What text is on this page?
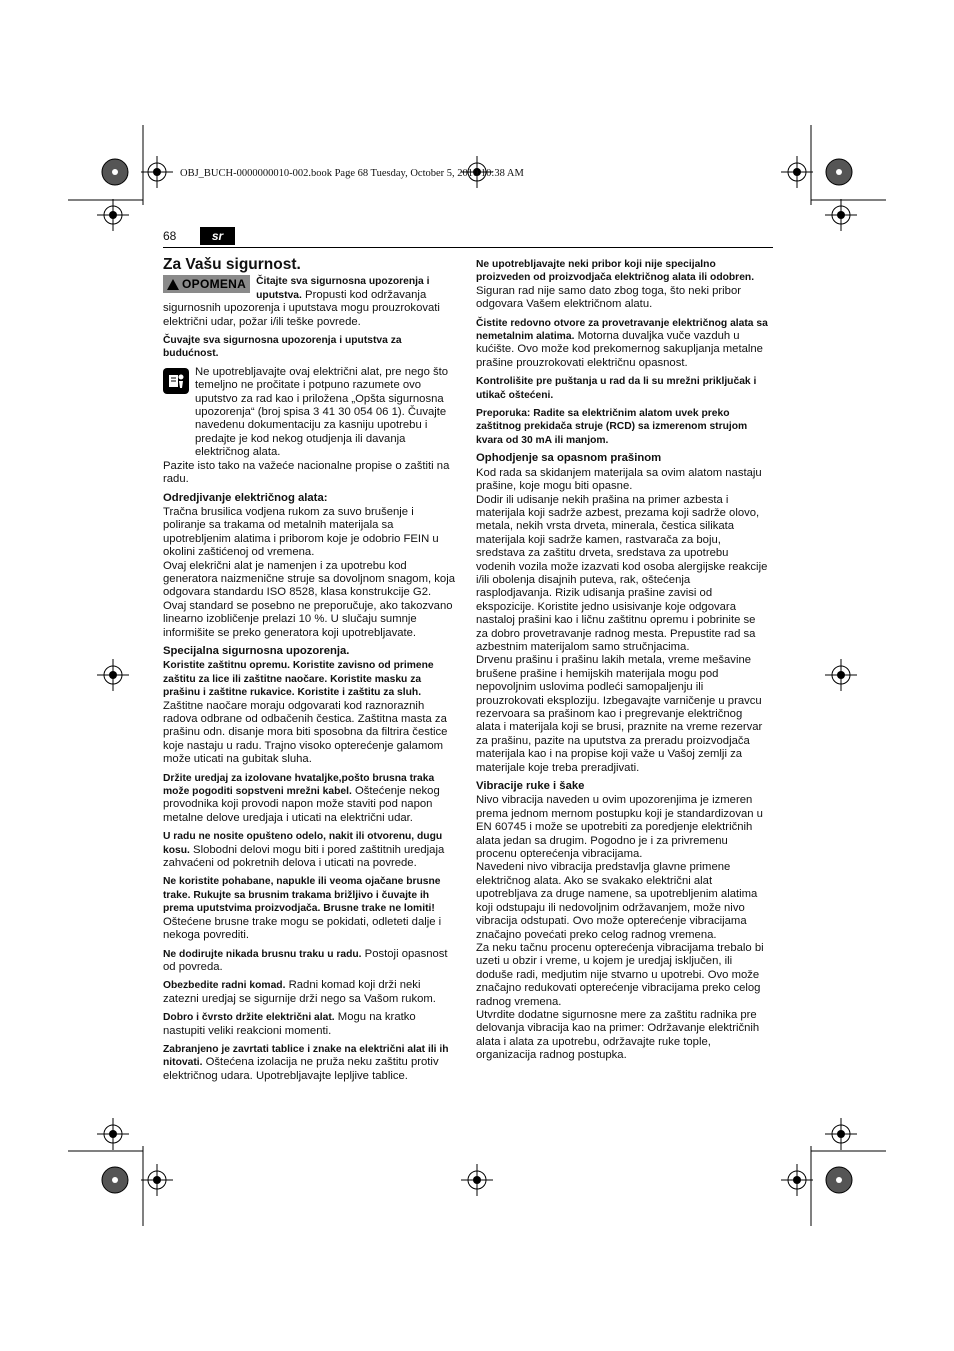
OBJ_BUCH-0000000010-002.book Page 68 Tuesday, October 5, 2010 10:38 AM
68	sr
Za Vašu sigurnost.

OPOMENA Čitajte sva sigurnosna upozorenja i uputstva. Propusti kod održavanja sigurnosnih upozorenja i uputstava mogu prouzrokovati električni udar, požar i/ili teške povrede.

Čuvajte sva sigurnosna upozorenja i uputstva za budućnost.

Ne upotrebljavajte ovaj električni alat, pre nego što temeljno ne pročitate i potpuno razumete ovo uputstvo za rad kao i priložena „Opšta sigurnosna upozorenja“ (broj spisa 3 41 30 054 06 1). Čuvajte navedenu dokumentaciju za kasniju upotrebu i predajte je kod nekog otudjenja ili davanja električnog alata.

Pazite isto tako na važeće nacionalne propise o zaštiti na radu.

Odredjivanje električnog alata:

Tračna brusilica vodjena rukom za suvo brušenje i poliranje sa trakama od metalnih materijala sa upotrebljenim alatima i priborom koje je odobrio FEIN u okolini zaštićenoj od vremena.

Ovaj elekrični alat je namenjen i za upotrebu kod generatora naizmenične struje sa dovoljnom snagom, koja odgovara standardu ISO 8528, klasa konstrukcije G2. Ovaj standard se posebno ne preporučuje, ako takozvano linearno izobličenje prelazi 10 %. U slučaju sumnje informišite se preko generatora koji upotrebljavate.

Specijalna sigurnosna upozorenja.

Koristite zaštitnu opremu. Koristite zavisno od primene zaštitu za lice ili zaštitne naočare. Koristite masku za prašinu i zaštitne rukavice. Koristite i zaštitu za sluh. Zaštitne naočare moraju odgovarati kod raznoraznih radova odbrane od odbačenih čestica. Zaštitna masta za prašinu odn. disanje mora biti sposobna da filtrira čestice koje nastaju u radu. Trajno visoko opterećenje galamom može uticati na gubitak sluha.

Držite uredjaj za izolovane hvataljke,pošto brusna traka može pogoditi sopstveni mrežni kabel. Oštećenje nekog provodnika koji provodi napon može staviti pod napon metalne delove uredjaja i uticati na električni udar.

U radu ne nosite opušteno odelo, nakit ili otvorenu, dugu kosu. Slobodni delovi mogu biti i pored zaštitnih uredjaja zahvaćeni od pokretnih delova i uticati na povrede.

Ne koristite pohabane, napukle ili veoma ojačane brusne trake. Rukujte sa brusnim trakama brižljivo i čuvajte ih prema uputstvima proizvodjača. Brusne trake ne lomiti! Oštećene brusne trake mogu se pokidati, odleteti dalje i nekoga povrediti.

Ne dodirujte nikada brusnu traku u radu. Postoji opasnost od povreda.

Obezbedite radni komad. Radni komad koji drži neki zatezni uredjaj se sigurnije drži nego sa Vašom rukom.

Dobro i čvrsto držite električni alat. Mogu na kratko nastupiti veliki reakcioni momenti.

Zabranjeno je zavrtati tablice i znake na električni alat ili ih nitovati. Oštećena izolacija ne pruža neku zaštitu protiv električnog udara. Upotrebljavajte lepljive tablice.

Ne upotrebljavajte neki pribor koji nije specijalno proizveden od proizvodjača električnog alata ili odobren. Siguran rad nije samo dato zbog toga, što neki pribor odgovara Vašem električnom alatu.

Čistite redovno otvore za provetravanje električnog alata sa nemetalnim alatima. Motorna duvaljka vuče vazduh u kućište. Ovo može kod prekomernog sakupljanja metalne prašine prouzrokovati električnu opasnost.

Kontrolišite pre puštanja u rad da li su mrežni priključak i utikač oštećeni.

Preporuka: Radite sa električnim alatom uvek preko zaštitnog prekidača struje (RCD) sa izmerenom strujom kvara od 30 mA ili manjom.

Ophodjenje sa opasnom prašinom

Kod rada sa skidanjem materijala sa ovim alatom nastaju prašine, koje mogu biti opasne.

Dodir ili udisanje nekih prašina na primer azbesta i materijala koji sadrže azbest, prezama koji sadrže olovo, metala, nekih vrsta drveta, minerala, čestica silikata materijala koji sadrže kamen, rastvarača za boju, sredstava za zaštitu drveta, sredstava za upotrebu vodenih vozila može izazvati kod osoba alergijske reakcije i/ili obolenja disajnih puteva, rak, oštećenja rasplodjavanja. Rizik udisanja prašine zavisi od ekspozicije. Koristite jedno usisivanje koje odgovara nastaloj prašini kao i ličnu zaštitnu opremu i pobrinite se za dobro provetravanje radnog mesta. Prepustite rad sa azbestnim materijalom samo stručnjacima.

Drvenu prašinu i prašinu lakih metala, vreme mešavine brušene prašine i hemijskih materijala mogu pod nepovoljnim uslovima podleći samopaljenju ili prouzrokovati eksploziju. Izbegavajte varničenje u pravcu rezervoara sa prašinom kao i pregrevanje električnog alata i materijala koji se brusi, praznite na vreme rezervar za prašinu, pazite na uputstva za preradu proizvodjača materijala kao i na propise koji važe u Vašoj zemlji za materijale koje treba preradjivati.

Vibracije ruke i šake

Nivo vibracija naveden u ovim upozorenjima je izmeren prema jednom mernom postupku koji je standardizovan u EN 60745 i može se upotrebiti za poredjenje električnih alata jedan sa drugim. Pogodno je i za privremenu procenu opterećenja vibracijama.

Navedeni nivo vibracija predstavlja glavne primene električnog alata. Ako se svakako električni alat upotrebljava za druge namene, sa upotrebljenim alatima koji odstupaju ili nedovoljnim održavanjem, može nivo vibracija odstupati. Ovo može opterećenje vibracijama značajno povećati preko celog radnog vremena.

Za neku tačnu procenu opterećenja vibracijama trebalo bi uzeti u obzir i vreme, u kojem je uredjaj isključen, ili doduše radi, medjutim nije stvarno u upotrebi. Ovo može značajno redukovati opterećenje vibracijama preko celog radnog vremena.

Utvrdite dodatne sigurnosne mere za zaštitu radnika pre delovanja vibracija kao na primer: Održavanje električnih alata i alata za upotrebu, održavajte ruke tople, organizacija radnog postupka.
